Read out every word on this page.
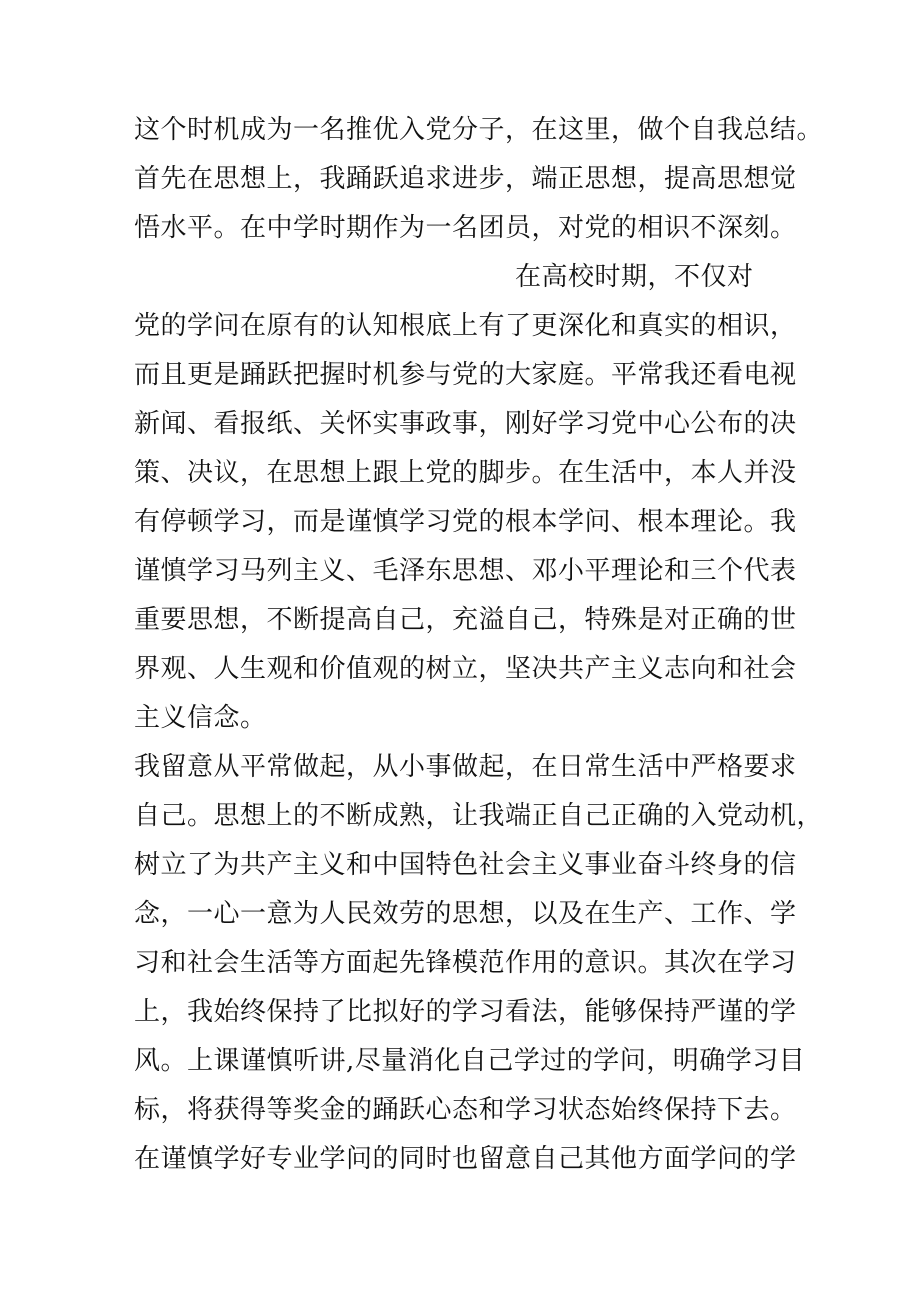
这个时机成为一名推优入党分子，在这里，做个自我总结。
首先在思想上，我踊跃追求进步，端正思想，提高思想觉
悟水平。在中学时期作为一名团员，对党的相识不深刻。
在高校时期，不仅对
党的学问在原有的认知根底上有了更深化和真实的相识，
而且更是踊跃把握时机参与党的大家庭。平常我还看电视
新闻、看报纸、关怀实事政事，刚好学习党中心公布的决
策、决议，在思想上跟上党的脚步。在生活中，本人并没
有停顿学习，而是谨慎学习党的根本学问、根本理论。我
谨慎学习马列主义、毛泽东思想、邓小平理论和三个代表
重要思想，不断提高自己，充溢自己，特殊是对正确的世
界观、人生观和价值观的树立，坚决共产主义志向和社会
主义信念。
我留意从平常做起，从小事做起，在日常生活中严格要求
自己。思想上的不断成熟，让我端正自己正确的入党动机，
树立了为共产主义和中国特色社会主义事业奋斗终身的信
念，一心一意为人民效劳的思想，以及在生产、工作、学
习和社会生活等方面起先锋模范作用的意识。其次在学习
上，我始终保持了比拟好的学习看法，能够保持严谨的学
风。上课谨慎听讲,尽量消化自己学过的学问，明确学习目
标，将获得等奖金的踊跃心态和学习状态始终保持下去。
在谨慎学好专业学问的同时也留意自己其他方面学问的学
